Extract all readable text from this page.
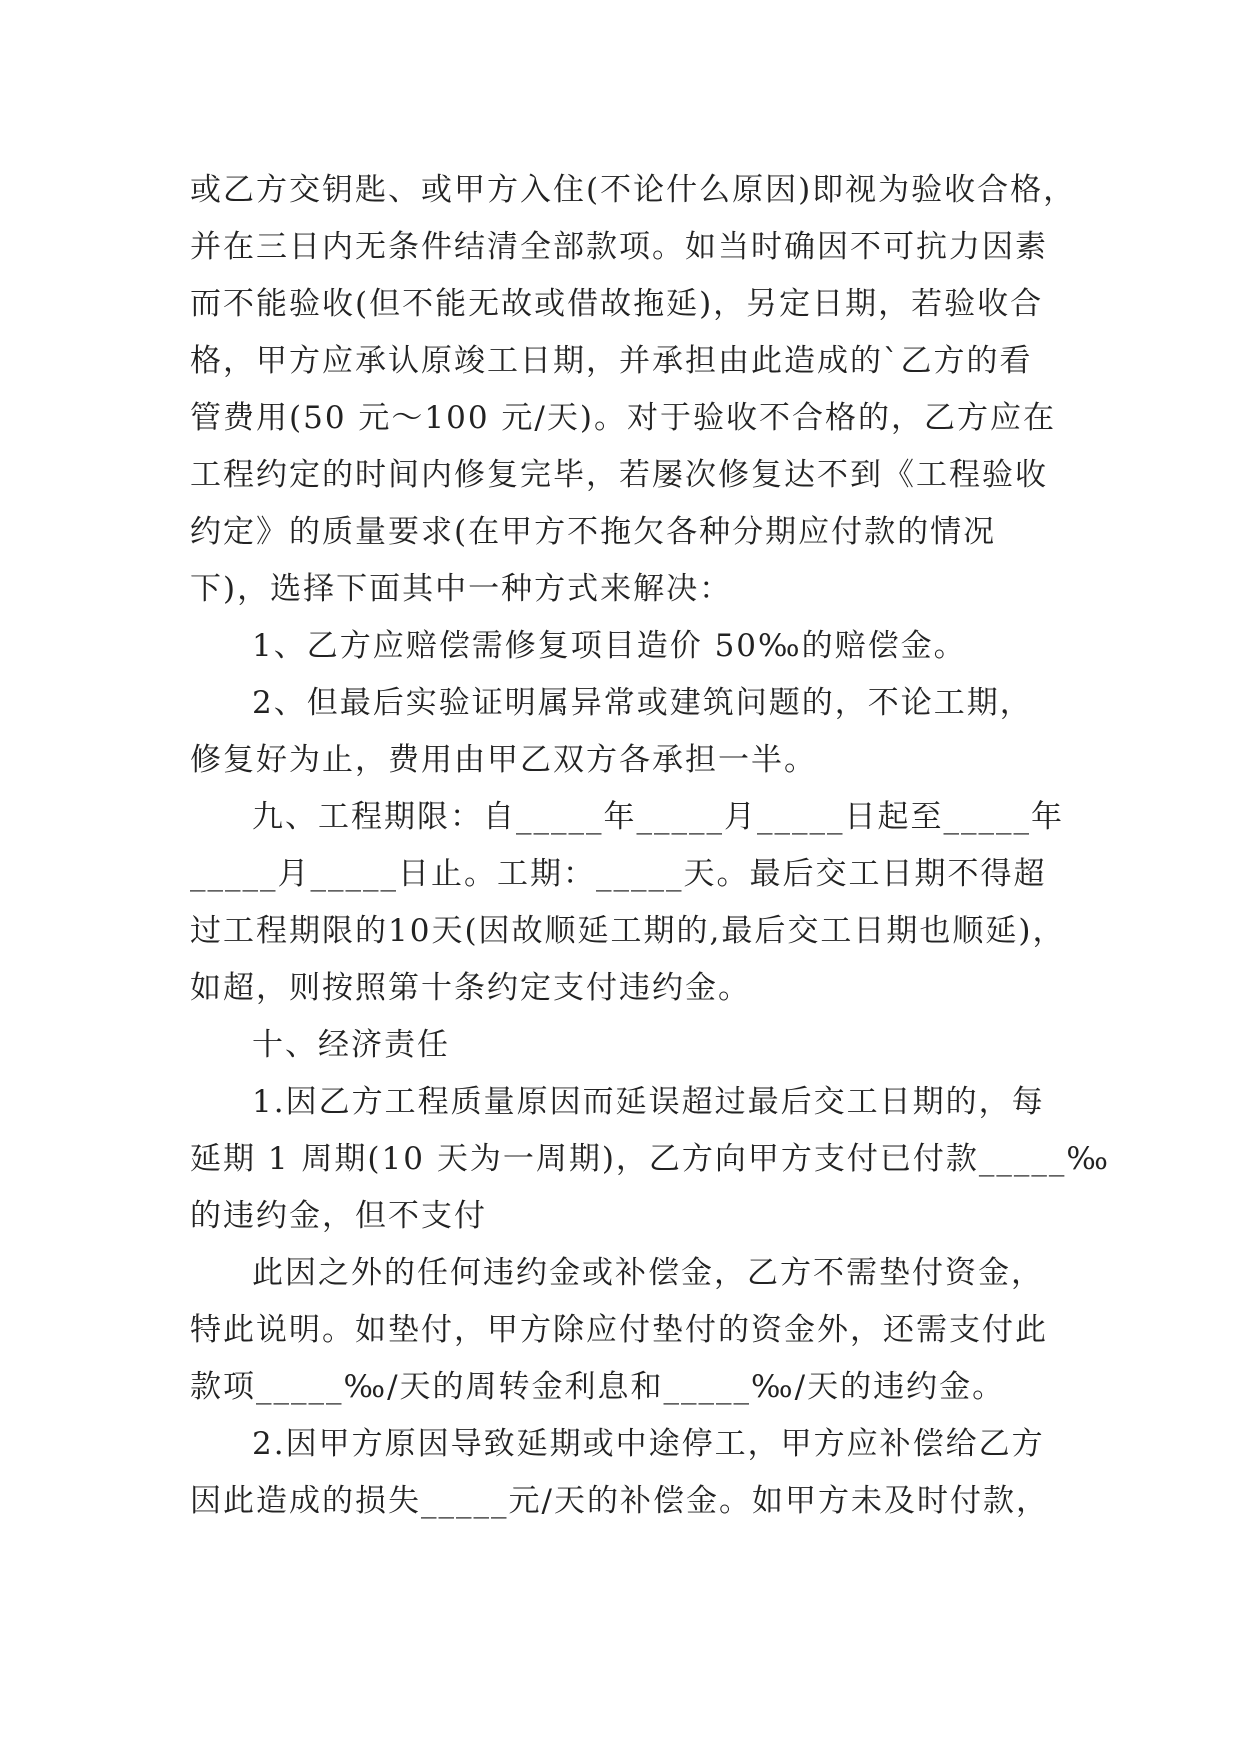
或乙方交钥匙、或甲方入住(不论什么原因)即视为验收合格，
并在三日内无条件结清全部款项。如当时确因不可抗力因素
而不能验收(但不能无故或借故拖延)，另定日期，若验收合
格，甲方应承认原竣工日期，并承担由此造成的`乙方的看
管费用(50 元～100 元/天)。对于验收不合格的，乙方应在
工程约定的时间内修复完毕，若屡次修复达不到《工程验收
约定》的质量要求(在甲方不拖欠各种分期应付款的情况
下)，选择下面其中一种方式来解决：
1、乙方应赔偿需修复项目造价 50‰的赔偿金。
2、但最后实验证明属异常或建筑问题的，不论工期，
修复好为止，费用由甲乙双方各承担一半。
九、工程期限：自_____年_____月_____日起至_____年
_____月_____日止。工期：_____天。最后交工日期不得超
过工程期限的10天(因故顺延工期的,最后交工日期也顺延)，
如超，则按照第十条约定支付违约金。
十、经济责任
1.因乙方工程质量原因而延误超过最后交工日期的，每
延期 1 周期(10 天为一周期)，乙方向甲方支付已付款_____‰
的违约金，但不支付
此因之外的任何违约金或补偿金，乙方不需垫付资金，
特此说明。如垫付，甲方除应付垫付的资金外，还需支付此
款项_____‰/天的周转金利息和_____‰/天的违约金。
2.因甲方原因导致延期或中途停工，甲方应补偿给乙方
因此造成的损失_____元/天的补偿金。如甲方未及时付款，
